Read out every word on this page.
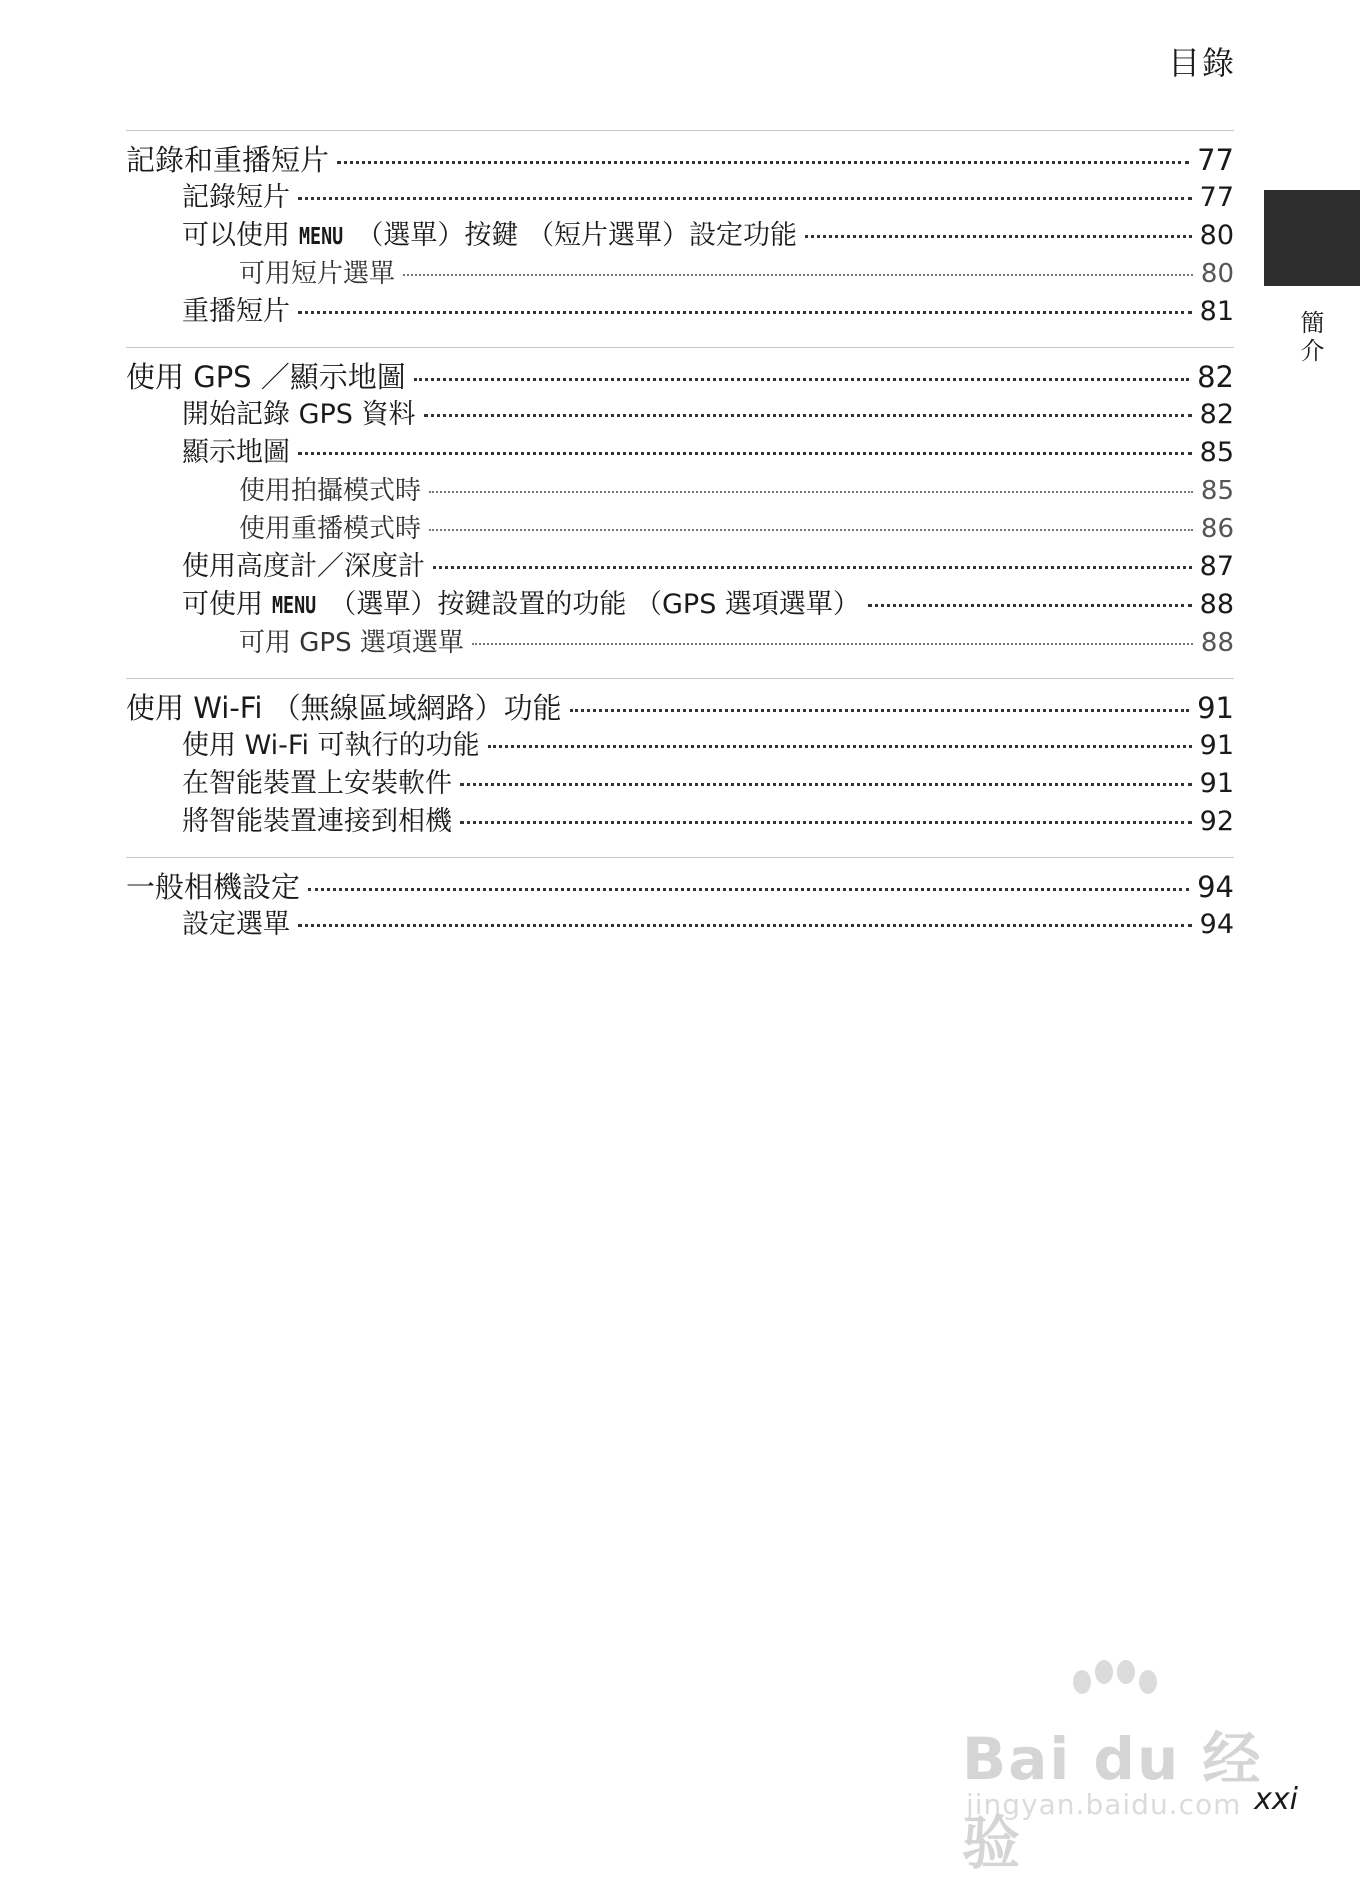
目錄
簡介
記錄和重播短片	77
記錄短片	77
可以使用 MENU （選單）按鍵 （短片選單）設定功能	80
可用短片選單	80
重播短片	81
使用 GPS ／顯示地圖	82
開始記錄 GPS 資料	82
顯示地圖	85
使用拍攝模式時	85
使用重播模式時	86
使用高度計／深度計	87
可使用 MENU （選單）按鍵設置的功能 （GPS 選項選單）	88
可用 GPS 選項選單	88
使用 Wi-Fi （無線區域網路）功能	91
使用 Wi-Fi 可執行的功能	91
在智能裝置上安裝軟件	91
將智能裝置連接到相機	92
一般相機設定	94
設定選單	94
Bai du 经验
jingyan.baidu.com xxi
